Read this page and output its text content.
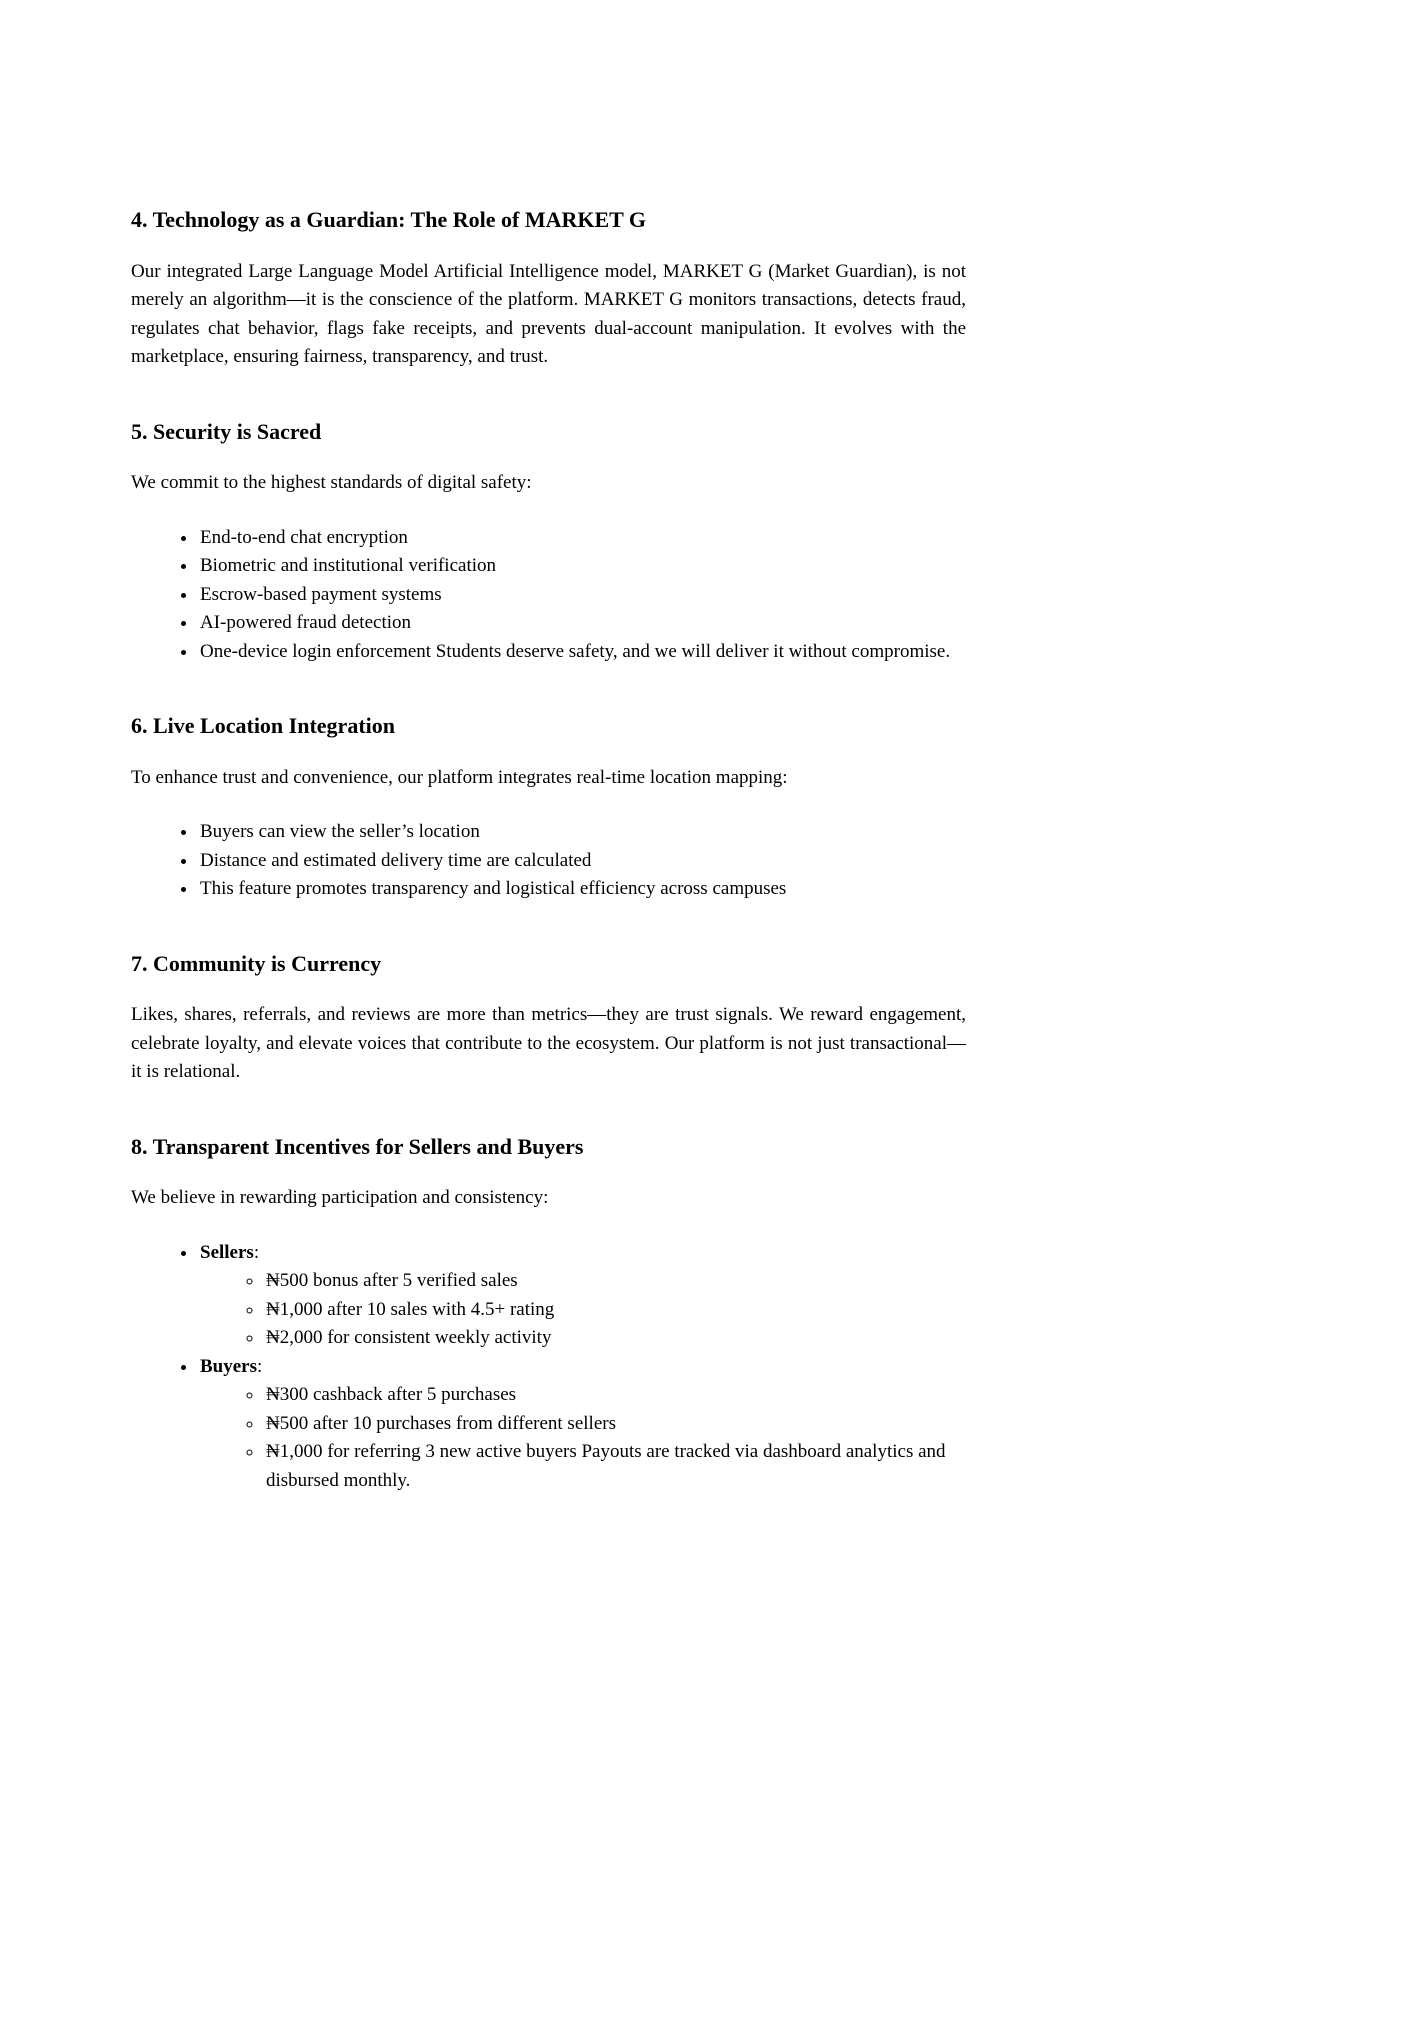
4. Technology as a Guardian: The Role of MARKET G

Our integrated Large Language Model Artificial Intelligence model, MARKET G (Market Guardian), is not merely an algorithm—it is the conscience of the platform. MARKET G monitors transactions, detects fraud, regulates chat behavior, flags fake receipts, and prevents dual-account manipulation. It evolves with the marketplace, ensuring fairness, transparency, and trust.

5. Security is Sacred

We commit to the highest standards of digital safety:

• End-to-end chat encryption
• Biometric and institutional verification
• Escrow-based payment systems
• AI-powered fraud detection
• One-device login enforcement Students deserve safety, and we will deliver it without compromise.
6. Live Location Integration

To enhance trust and convenience, our platform integrates real-time location mapping:

• Buyers can view the seller’s location
• Distance and estimated delivery time are calculated
• This feature promotes transparency and logistical efficiency across campuses
7. Community is Currency

Likes, shares, referrals, and reviews are more than metrics—they are trust signals. We reward engagement, celebrate loyalty, and elevate voices that contribute to the ecosystem. Our platform is not just transactional—it is relational.

8. Transparent Incentives for Sellers and Buyers

We believe in rewarding participation and consistency:

• Sellers:
◦ ₦500 bonus after 5 verified sales
◦ ₦1,000 after 10 sales with 4.5+ rating
◦ ₦2,000 for consistent weekly activity
• Buyers:
◦ ₦300 cashback after 5 purchases
◦ ₦500 after 10 purchases from different sellers
◦ ₦1,000 for referring 3 new active buyers Payouts are tracked via dashboard analytics and disbursed monthly.
